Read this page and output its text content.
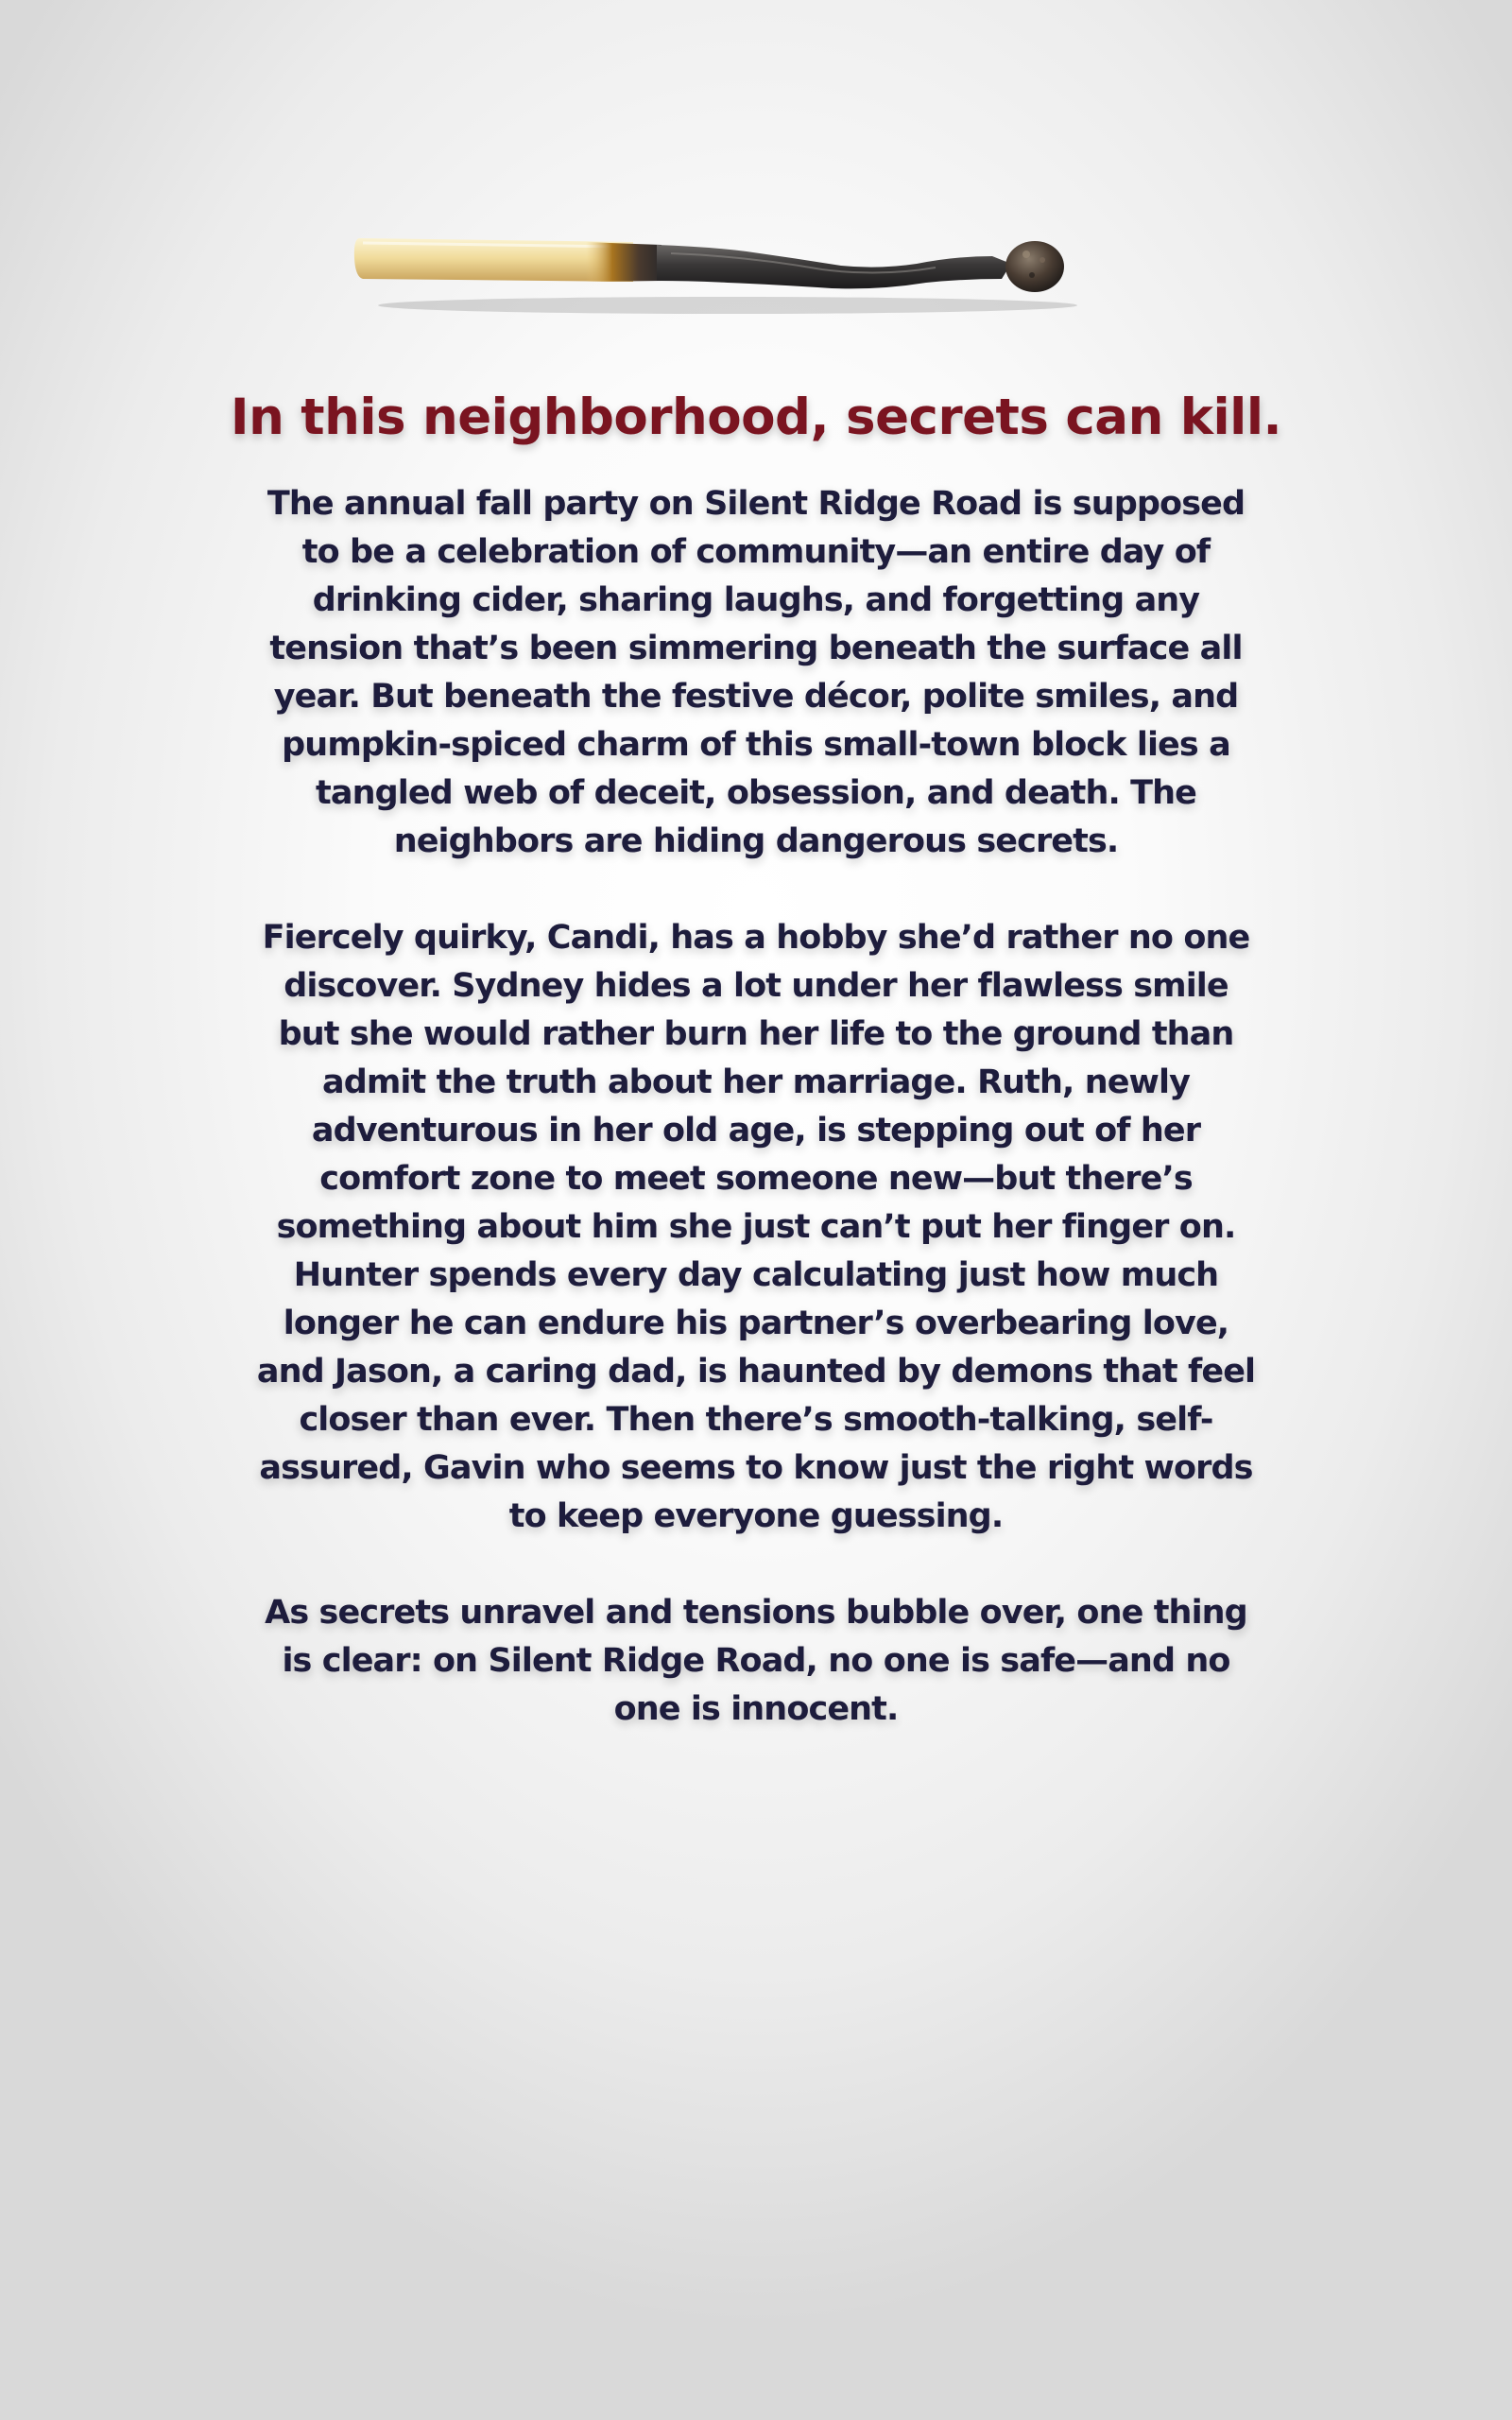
In this neighborhood, secrets can kill.

The annual fall party on Silent Ridge Road is supposed to be a celebration of community—an entire day of drinking cider, sharing laughs, and forgetting any tension that’s been simmering beneath the surface all year. But beneath the festive décor, polite smiles, and pumpkin-spiced charm of this small-town block lies a tangled web of deceit, obsession, and death. The neighbors are hiding dangerous secrets.

Fiercely quirky, Candi, has a hobby she’d rather no one discover. Sydney hides a lot under her flawless smile but she would rather burn her life to the ground than admit the truth about her marriage. Ruth, newly adventurous in her old age, is stepping out of her comfort zone to meet someone new—but there’s something about him she just can’t put her finger on. Hunter spends every day calculating just how much longer he can endure his partner’s overbearing love, and Jason, a caring dad, is haunted by demons that feel closer than ever. Then there’s smooth-talking, self-assured, Gavin who seems to know just the right words to keep everyone guessing.

As secrets unravel and tensions bubble over, one thing is clear: on Silent Ridge Road, no one is safe—and no one is innocent.
